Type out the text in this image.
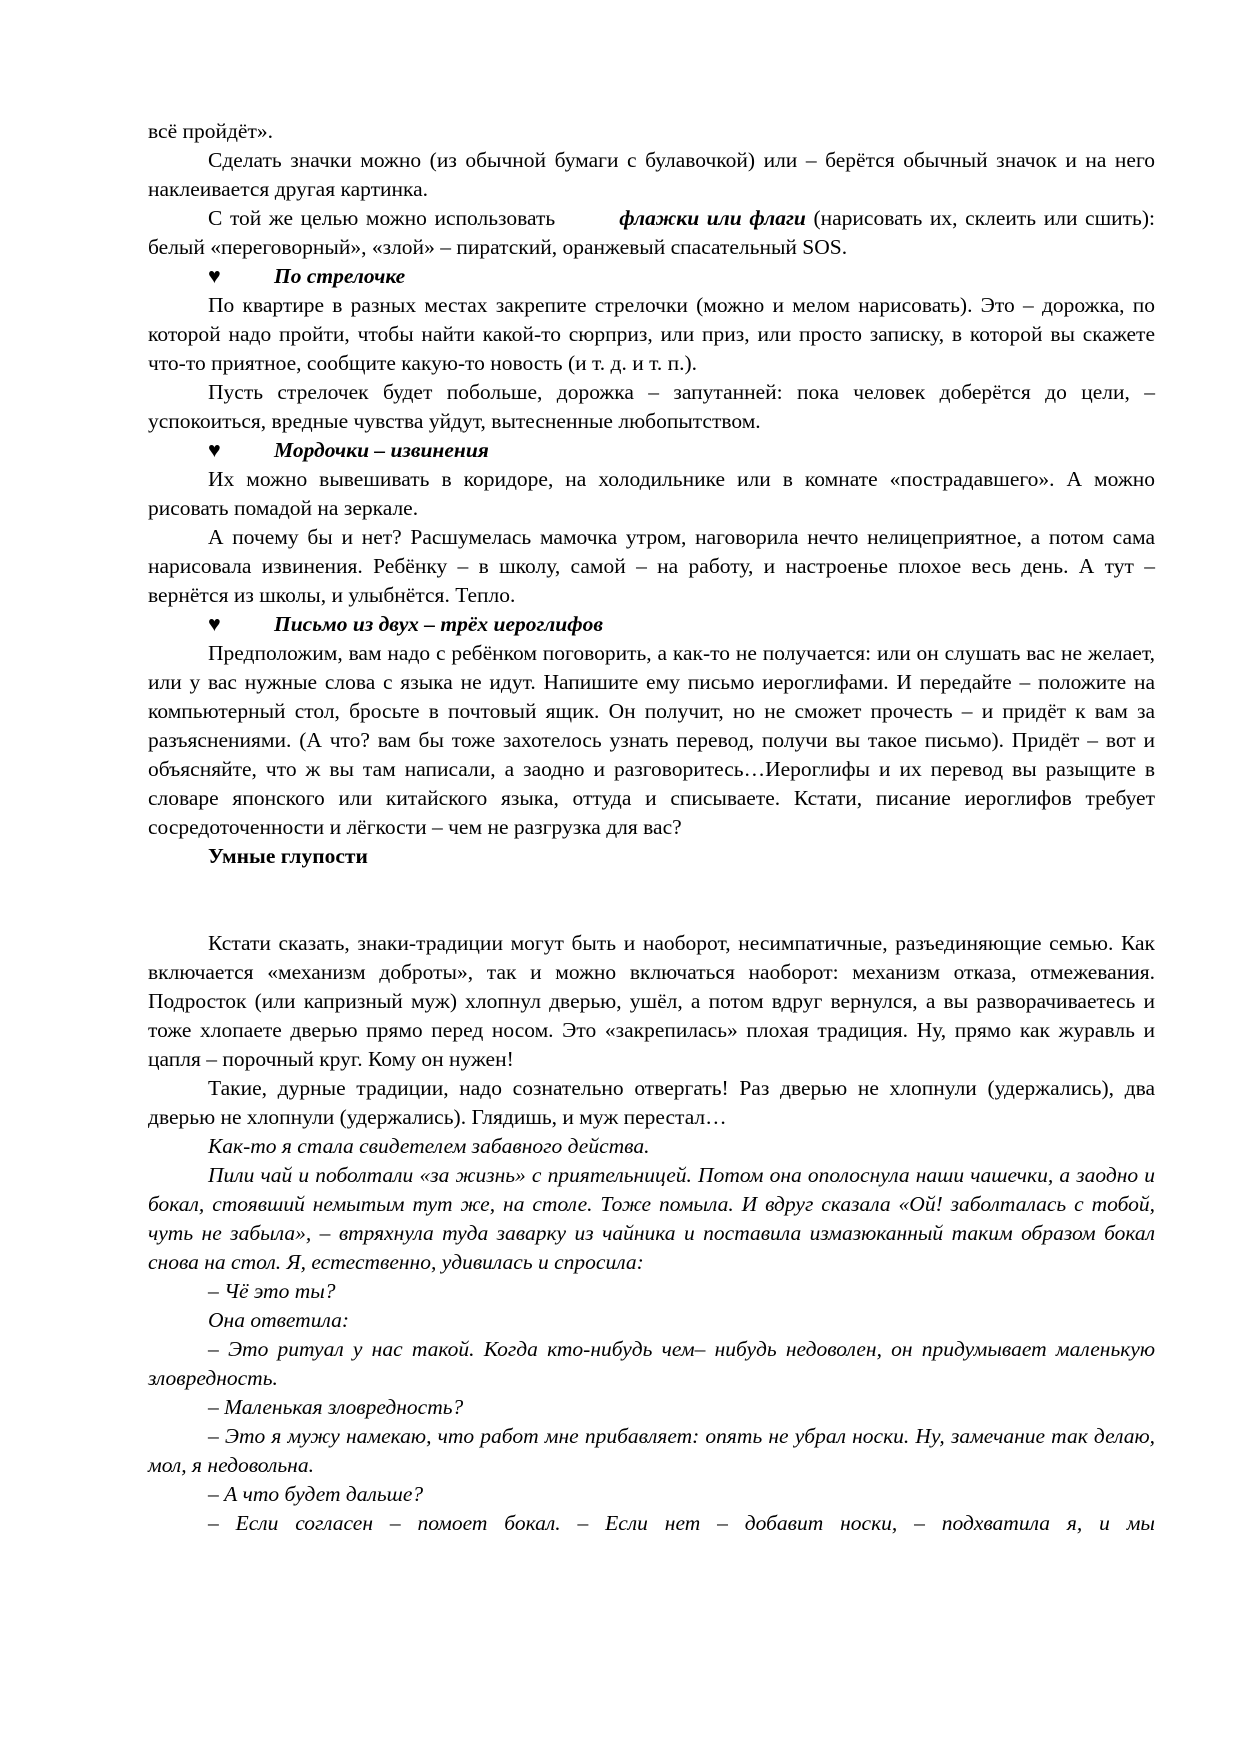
всё пройдёт».

Сделать значки можно (из обычной бумаги с булавочкой) или – берётся обычный значок и на него наклеивается другая картинка.

С той же целью можно использовать	флажки или флаги (нарисовать их, склеить или сшить): белый «переговорный», «злой» – пиратский, оранжевый спасательный SOS.

♥ По стрелочке

По квартире в разных местах закрепите стрелочки (можно и мелом нарисовать). Это – дорожка, по которой надо пройти, чтобы найти какой-то сюрприз, или приз, или просто записку, в которой вы скажете что-то приятное, сообщите какую-то новость (и т. д. и т. п.).

Пусть стрелочек будет побольше, дорожка – запутанней: пока человек доберётся до цели, – успокоиться, вредные чувства уйдут, вытесненные любопытством.

♥ Мордочки – извинения

Их можно вывешивать в коридоре, на холодильнике или в комнате «пострадавшего». А можно рисовать помадой на зеркале.

А почему бы и нет? Расшумелась мамочка утром, наговорила нечто нелицеприятное, а потом сама нарисовала извинения. Ребёнку – в школу, самой – на работу, и настроенье плохое весь день. А тут – вернётся из школы, и улыбнётся. Тепло.

♥ Письмо из двух – трёх иероглифов

Предположим, вам надо с ребёнком поговорить, а как-то не получается: или он слушать вас не желает, или у вас нужные слова с языка не идут. Напишите ему письмо иероглифами. И передайте – положите на компьютерный стол, бросьте в почтовый ящик. Он получит, но не сможет прочесть – и придёт к вам за разъяснениями. (А что? вам бы тоже захотелось узнать перевод, получи вы такое письмо). Придёт – вот и объясняйте, что ж вы там написали, а заодно и разговоритесь…Иероглифы и их перевод вы разыщите в словаре японского или китайского языка, оттуда и списываете. Кстати, писание иероглифов требует сосредоточенности и лёгкости – чем не разгрузка для вас?

Умные глупости

Кстати сказать, знаки-традиции могут быть и наоборот, несимпатичные, разъединяющие семью. Как включается «механизм доброты», так и можно включаться наоборот: механизм отказа, отмежевания. Подросток (или капризный муж) хлопнул дверью, ушёл, а потом вдруг вернулся, а вы разворачиваетесь и тоже хлопаете дверью прямо перед носом. Это «закрепилась» плохая традиция. Ну, прямо как журавль и цапля – порочный круг. Кому он нужен!

Такие, дурные традиции, надо сознательно отвергать! Раз дверью не хлопнули (удержались), два дверью не хлопнули (удержались). Глядишь, и муж перестал…

Как-то я стала свидетелем забавного действа.

Пили чай и поболтали «за жизнь» с приятельницей. Потом она ополоснула наши чашечки, а заодно и бокал, стоявший немытым тут же, на столе. Тоже помыла. И вдруг сказала «Ой! заболталась с тобой, чуть не забыла», – втряхнула туда заварку из чайника и поставила измазюканный таким образом бокал снова на стол. Я, естественно, удивилась и спросила:

– Чё это ты?

Она ответила:

– Это ритуал у нас такой. Когда кто-нибудь чем– нибудь недоволен, он придумывает маленькую зловредность.

– Маленькая зловредность?

– Это я мужу намекаю, что работ мне прибавляет: опять не убрал носки. Ну, замечание так делаю, мол, я недовольна.

– А что будет дальше?

– Если согласен – помоет бокал. – Если нет – добавит носки, – подхватила я, и мы
